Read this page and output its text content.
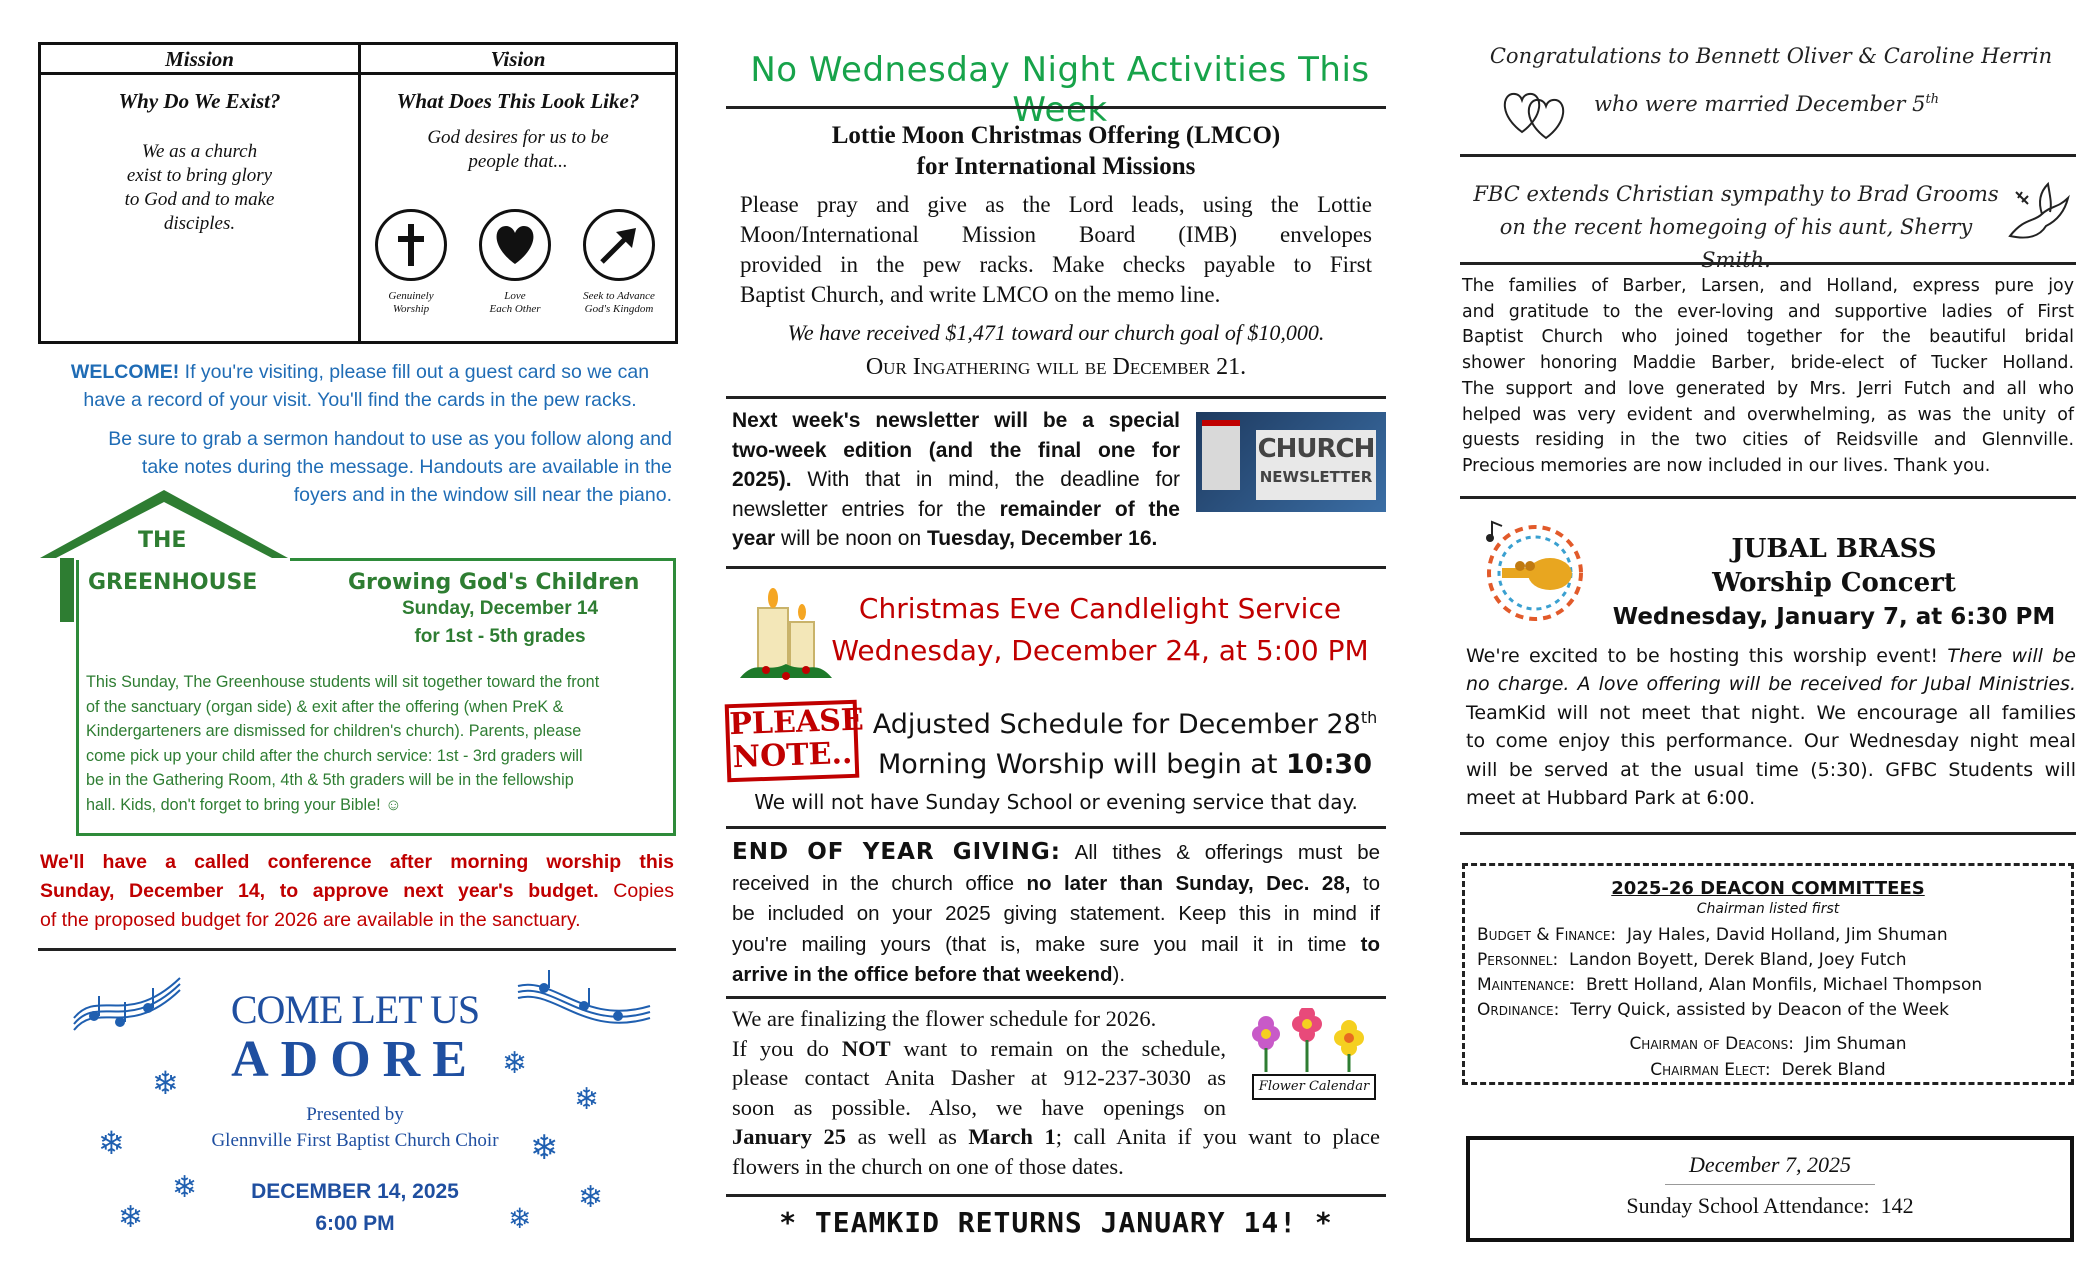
Mission
Why Do We Exist?
We as a church
exist to bring glory
to God and to make
disciples.
Vision
What Does This Look Like?
God desires for us to be
people that...
Genuinely
Worship
Love
Each Other
Seek to Advance
God's Kingdom
WELCOME! If you're visiting, please fill out a guest card so we can
have a record of your visit. You'll find the cards in the pew racks.
Be sure to grab a sermon handout to use as you follow along and
take notes during the message. Handouts are available in the
foyers and in the window sill near the piano.
THE
GREENHOUSE	Growing God's Children
Sunday, December 14
for 1st - 5th grades
This Sunday, The Greenhouse students will sit together toward the front
of the sanctuary (organ side) & exit after the offering (when PreK &
Kindergarteners are dismissed for children's church). Parents, please
come pick up your child after the church service: 1st - 3rd graders will
be in the Gathering Room, 4th & 5th graders will be in the fellowship
hall. Kids, don't forget to bring your Bible! ☺
We'll have a called conference after morning worship this
Sunday, December 14, to approve next year's budget. Copies
of the proposed budget for 2026 are available in the sanctuary.
COME LET US
ADORE
Presented by
Glennville First Baptist Church Choir
DECEMBER 14, 2025
6:00 PM
❄
❄
❄
❄
❄
❄
❄
❄
❄
No Wednesday Night Activities This Week
Lottie Moon Christmas Offering (LMCO)
for International Missions
Please pray and give as the Lord leads, using the Lottie
Moon/International Mission Board (IMB) envelopes
provided in the pew racks. Make checks payable to First
Baptist Church, and write LMCO on the memo line.
We have received $1,471 toward our church goal of $10,000.
Our Ingathering will be December 21.
Next week's newsletter will be a special
two-week edition (and the final one for
2025). With that in mind, the deadline for
newsletter entries for the remainder of the
year will be noon on Tuesday, December 16.
CHURCH
NEWSLETTER
Christmas Eve Candlelight Service
Wednesday, December 24, at 5:00 PM
PLEASE
NOTE..
Adjusted Schedule for December 28th
Morning Worship will begin at 10:30
We will not have Sunday School or evening service that day.
END OF YEAR GIVING: All tithes & offerings must be
received in the church office no later than Sunday, Dec. 28, to
be included on your 2025 giving statement. Keep this in mind if
you're mailing yours (that is, make sure you mail it in time to
arrive in the office before that weekend).
We are finalizing the flower schedule for 2026.
If you do NOT want to remain on the schedule,
please contact Anita Dasher at 912-237-3030 as
soon as possible. Also, we have openings on
January 25 as well as March 1; call Anita if you want to place
flowers in the church on one of those dates.
Flower Calendar
* TEAMKID RETURNS JANUARY 14! *
Congratulations to Bennett Oliver & Caroline Herrin
who were married December 5th
FBC extends Christian sympathy to Brad Grooms
on the recent homegoing of his aunt, Sherry Smith.
The families of Barber, Larsen, and Holland, express pure joy
and gratitude to the ever-loving and supportive ladies of First
Baptist Church who joined together for the beautiful bridal
shower honoring Maddie Barber, bride-elect of Tucker Holland.
The support and love generated by Mrs. Jerri Futch and all who
helped was very evident and overwhelming, as was the unity of
guests residing in the two cities of Reidsville and Glennville.
Precious memories are now included in our lives. Thank you.
JUBAL BRASS
Worship Concert
Wednesday, January 7, at 6:30 PM
We're excited to be hosting this worship event! There will be
no charge. A love offering will be received for Jubal Ministries.
TeamKid will not meet that night. We encourage all families
to come enjoy this performance. Our Wednesday night meal
will be served at the usual time (5:30). GFBC Students will
meet at Hubbard Park at 6:00.
2025-26 DEACON COMMITTEES
Chairman listed first
Budget & Finance: Jay Hales, David Holland, Jim Shuman
Personnel: Landon Boyett, Derek Bland, Joey Futch
Maintenance: Brett Holland, Alan Monfils, Michael Thompson
Ordinance: Terry Quick, assisted by Deacon of the Week
Chairman of Deacons: Jim Shuman
Chairman Elect: Derek Bland
December 7, 2025
Sunday School Attendance: 142
